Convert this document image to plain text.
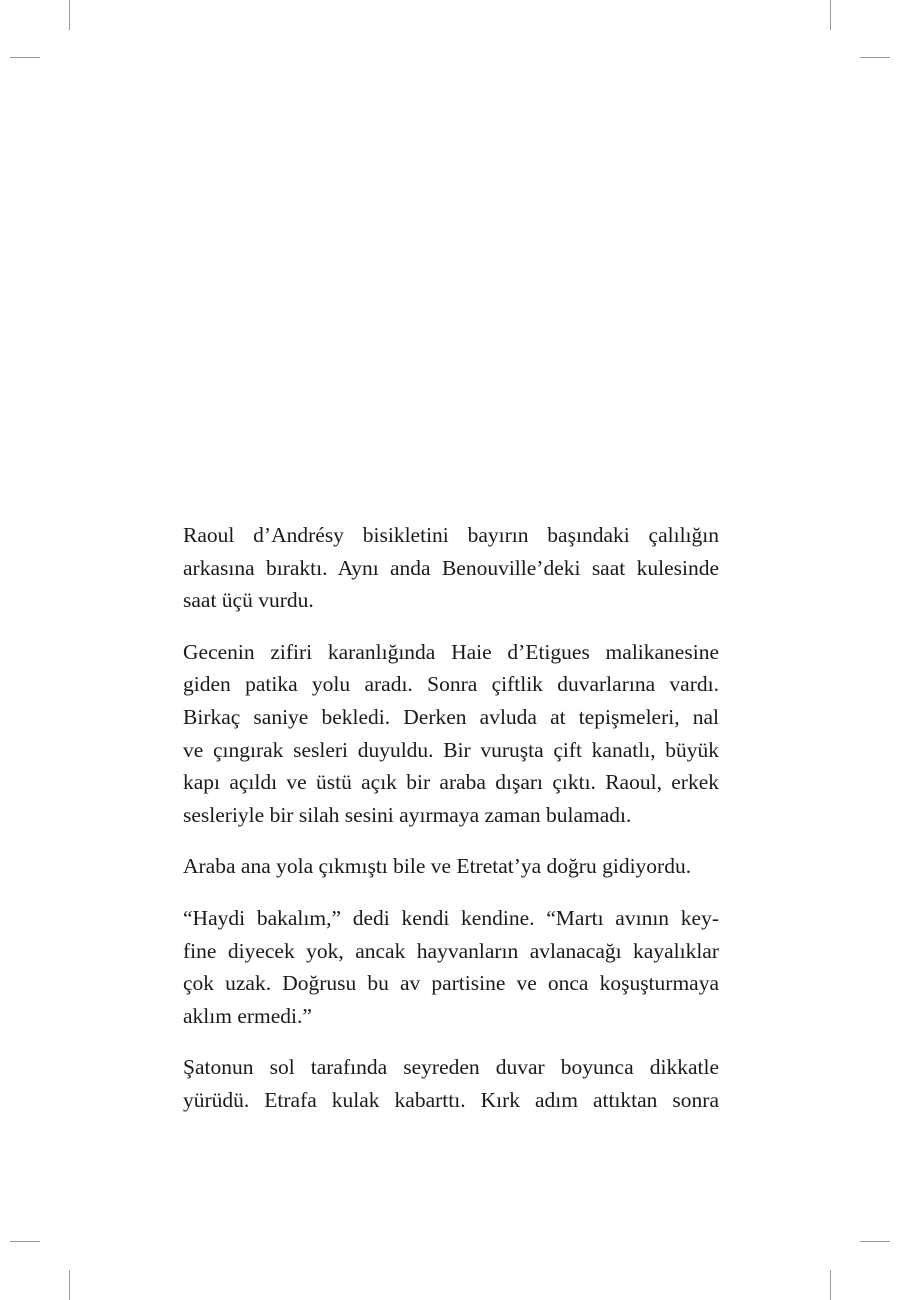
Raoul d’Andrésy bisikletini bayırın başındaki çalılığın
arkasına bıraktı. Aynı anda Benouville’deki saat kulesinde
saat üçü vurdu.

Gecenin zifiri karanlığında Haie d’Etigues malikanesine
giden patika yolu aradı. Sonra çiftlik duvarlarına vardı.
Birkaç saniye bekledi. Derken avluda at tepişmeleri, nal
ve çıngırak sesleri duyuldu. Bir vuruşta çift kanatlı, büyük
kapı açıldı ve üstü açık bir araba dışarı çıktı. Raoul, erkek
sesleriyle bir silah sesini ayırmaya zaman bulamadı.

Araba ana yola çıkmıştı bile ve Etretat’ya doğru gidiyordu.

“Haydi bakalım,” dedi kendi kendine. “Martı avının key-
fine diyecek yok, ancak hayvanların avlanacağı kayalıklar
çok uzak. Doğrusu bu av partisine ve onca koşuşturmaya
aklım ermedi.”

Şatonun sol tarafında seyreden duvar boyunca dikkatle
yürüdü. Etrafa kulak kabarttı. Kırk adım attıktan sonra
